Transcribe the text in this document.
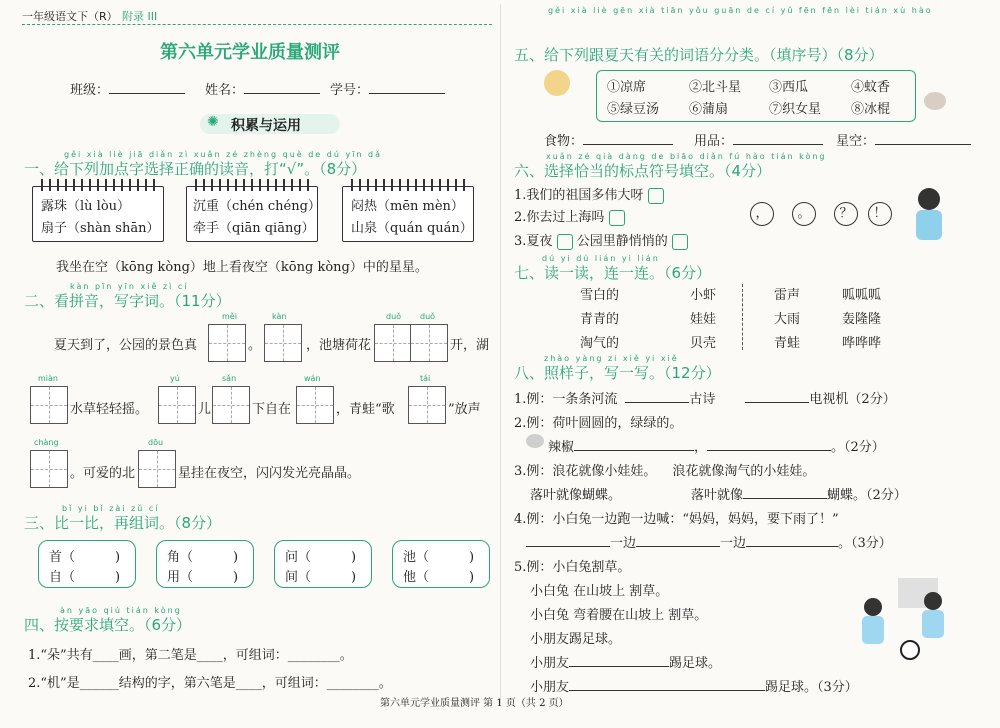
一年级语文下（R） 附录 III
第六单元学业质量测评
班级：	姓名：	学号：
✺ 积累与运用
gěi xià liè jiā diǎn zì xuǎn zé zhèng què de dú yīn dǎ
一、给下列加点字选择正确的读音，打“√”。（8分）
露珠（lù lòu）
扇子（shàn shān）
沉重（chén chéng）
牵手（qiān qiāng）
闷热（mēn mèn）
山泉（quán quán）
我坐在空（kōng kòng）地上看夜空（kōng kòng）中的星星。
kàn pīn yīn xiě zì cí
二、看拼音，写字词。（11分）
夏天到了，公园的景色真
měi
。
kàn
，池塘荷花
duǒ duǒ
开，湖
miàn
水草轻轻摇。
yú
儿
sǎn
下自在
wán
，青蛙“歌
tái
”放声
chàng
。可爱的北
dōu
星挂在夜空，闪闪发光亮晶晶。
bǐ yi bǐ zài zǔ cí
三、比一比，再组词。（8分）
首（	)
自（	)
角（	)
用（	)
问（	)
间（	)
池（	)
他（	)
àn yāo qiú tián kòng
四、按要求填空。（6分）
1.“朵”共有____画，第二笔是____，可组词：________。
2.“机”是______结构的字，第六笔是____，可组词：________。
第六单元学业质量测评 第 1 页（共 2 页）
gěi xià liè gēn xià tiān yǒu guān de cí yǔ fēn fēn lèi tián xù hào
五、给下列跟夏天有关的词语分分类。（填序号）（8分）
①凉席	②北斗星 ③西瓜	④蚊香
⑤绿豆汤 ⑥蒲扇	⑦织女星 ⑧冰棍
食物：	用品：	星空：
xuǎn zé qià dàng de biāo diǎn fú hào tián kòng
六、选择恰当的标点符号填空。（4分）
1.我们的祖国多伟大呀
2.你去过上海吗
3.夏夜 公园里静悄悄的
，	。	？	！
dú yi dú lián yi lián
七、读一读，连一连。（6分）
雪白的	小虾
青青的	娃娃
淘气的	贝壳
雷声	呱呱呱
大雨	轰隆隆
青蛙	哗哗哗
zhào yàng zi xiě yi xiě
八、照样子，写一写。（12分）
1.例：一条条河流	古诗	电视机（2分）
2.例：荷叶圆圆的，绿绿的。
辣椒	，	。（2分）
3.例：浪花就像小娃娃。 浪花就像淘气的小娃娃。
落叶就像蝴蝶。	落叶就像	蝴蝶。（2分）
4.例：小白兔一边跑一边喊：“妈妈，妈妈，要下雨了！”
一边	一边	。（3分）
5.例：小白兔割草。
小白兔 在山坡上 割草。
小白兔 弯着腰在山坡上 割草。
小朋友踢足球。
小朋友	踢足球。
小朋友	踢足球。（3分）
